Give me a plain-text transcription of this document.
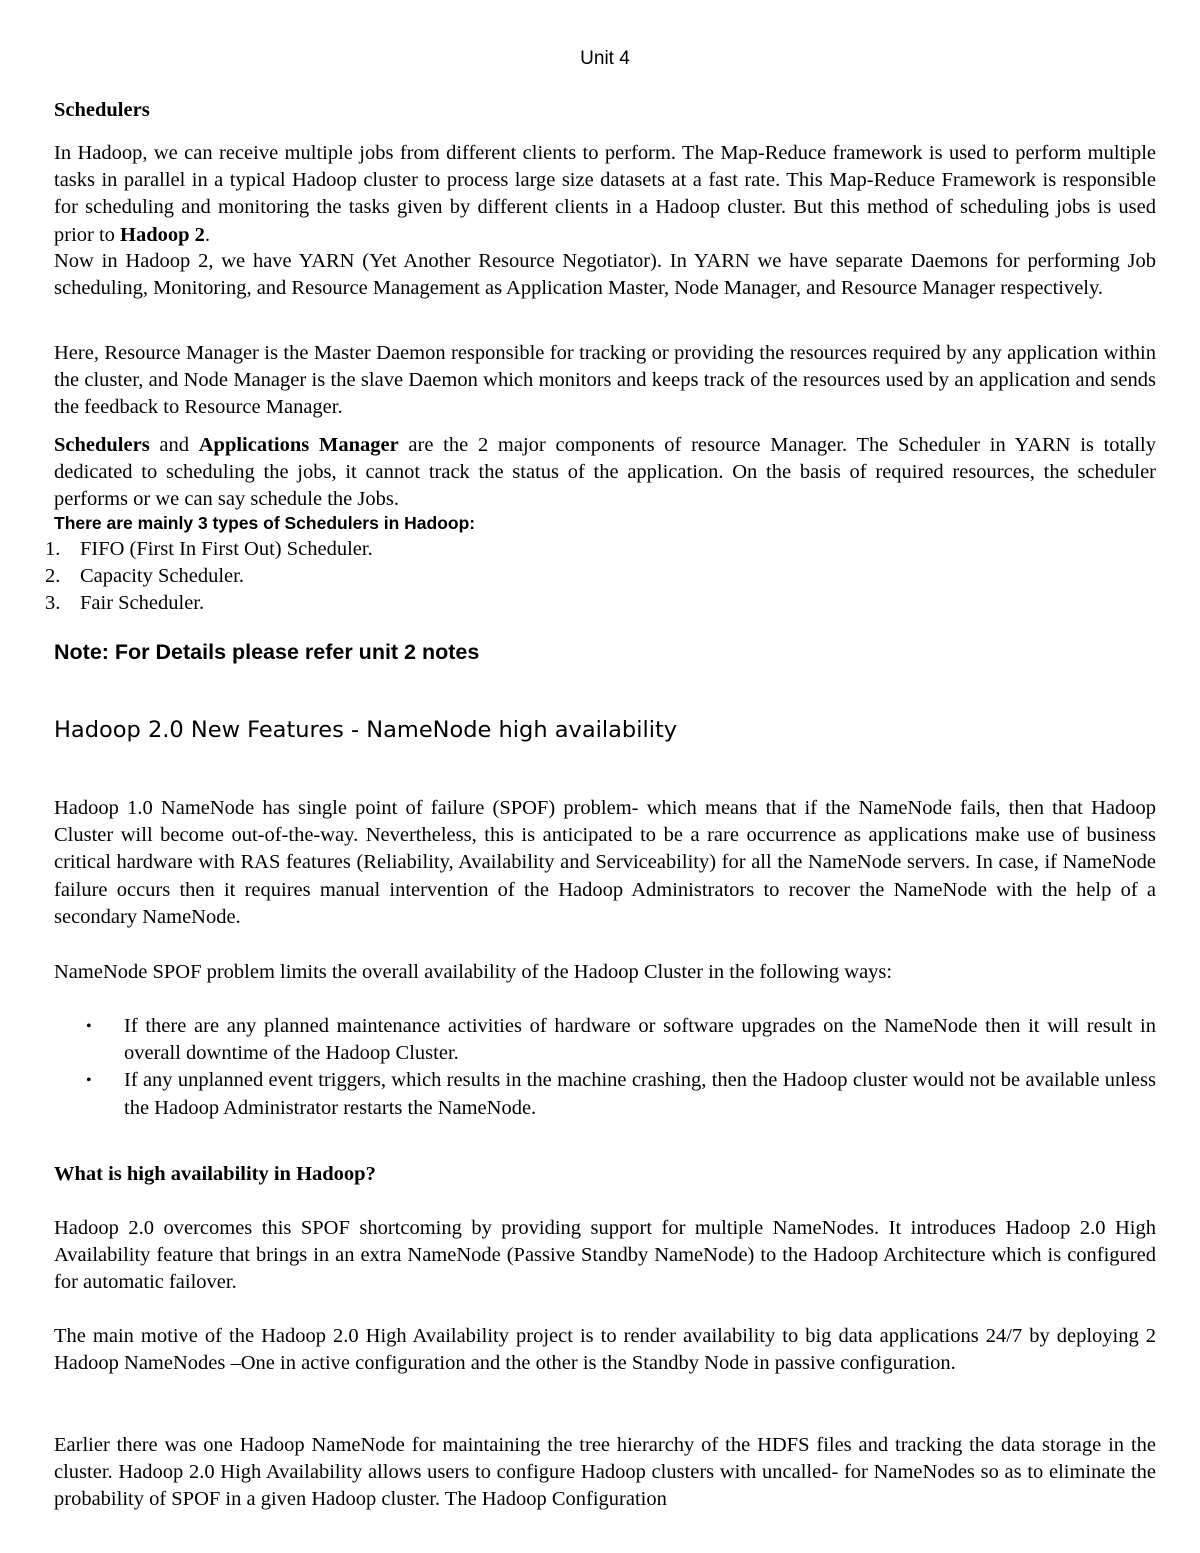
Unit 4

Schedulers

In Hadoop, we can receive multiple jobs from different clients to perform. The Map-Reduce framework is used to perform multiple tasks in parallel in a typical Hadoop cluster to process large size datasets at a fast rate. This Map-Reduce Framework is responsible for scheduling and monitoring the tasks given by different clients in a Hadoop cluster. But this method of scheduling jobs is used prior to Hadoop 2.

Now in Hadoop 2, we have YARN (Yet Another Resource Negotiator). In YARN we have separate Daemons for performing Job scheduling, Monitoring, and Resource Management as Application Master, Node Manager, and Resource Manager respectively.

Here, Resource Manager is the Master Daemon responsible for tracking or providing the resources required by any application within the cluster, and Node Manager is the slave Daemon which monitors and keeps track of the resources used by an application and sends the feedback to Resource Manager.

Schedulers and Applications Manager are the 2 major components of resource Manager. The Scheduler in YARN is totally dedicated to scheduling the jobs, it cannot track the status of the application. On the basis of required resources, the scheduler performs or we can say schedule the Jobs.

There are mainly 3 types of Schedulers in Hadoop:

1. FIFO (First In First Out) Scheduler.
2. Capacity Scheduler.
3. Fair Scheduler.

Note: For Details please refer unit 2 notes

Hadoop 2.0 New Features - NameNode high availability

Hadoop 1.0 NameNode has single point of failure (SPOF) problem- which means that if the NameNode fails, then that Hadoop Cluster will become out-of-the-way. Nevertheless, this is anticipated to be a rare occurrence as applications make use of business critical hardware with RAS features (Reliability, Availability and Serviceability) for all the NameNode servers. In case, if NameNode failure occurs then it requires manual intervention of the Hadoop Administrators to recover the NameNode with the help of a secondary NameNode.

NameNode SPOF problem limits the overall availability of the Hadoop Cluster in the following ways:

• If there are any planned maintenance activities of hardware or software upgrades on the NameNode then it will result in overall downtime of the Hadoop Cluster.
• If any unplanned event triggers, which results in the machine crashing, then the Hadoop cluster would not be available unless the Hadoop Administrator restarts the NameNode.

What is high availability in Hadoop?

Hadoop 2.0 overcomes this SPOF shortcoming by providing support for multiple NameNodes. It introduces Hadoop 2.0 High Availability feature that brings in an extra NameNode (Passive Standby NameNode) to the Hadoop Architecture which is configured for automatic failover.

The main motive of the Hadoop 2.0 High Availability project is to render availability to big data applications 24/7 by deploying 2 Hadoop NameNodes –One in active configuration and the other is the Standby Node in passive configuration.

Earlier there was one Hadoop NameNode for maintaining the tree hierarchy of the HDFS files and tracking the data storage in the cluster. Hadoop 2.0 High Availability allows users to configure Hadoop clusters with uncalled- for NameNodes so as to eliminate the probability of SPOF in a given Hadoop cluster. The Hadoop Configuration
